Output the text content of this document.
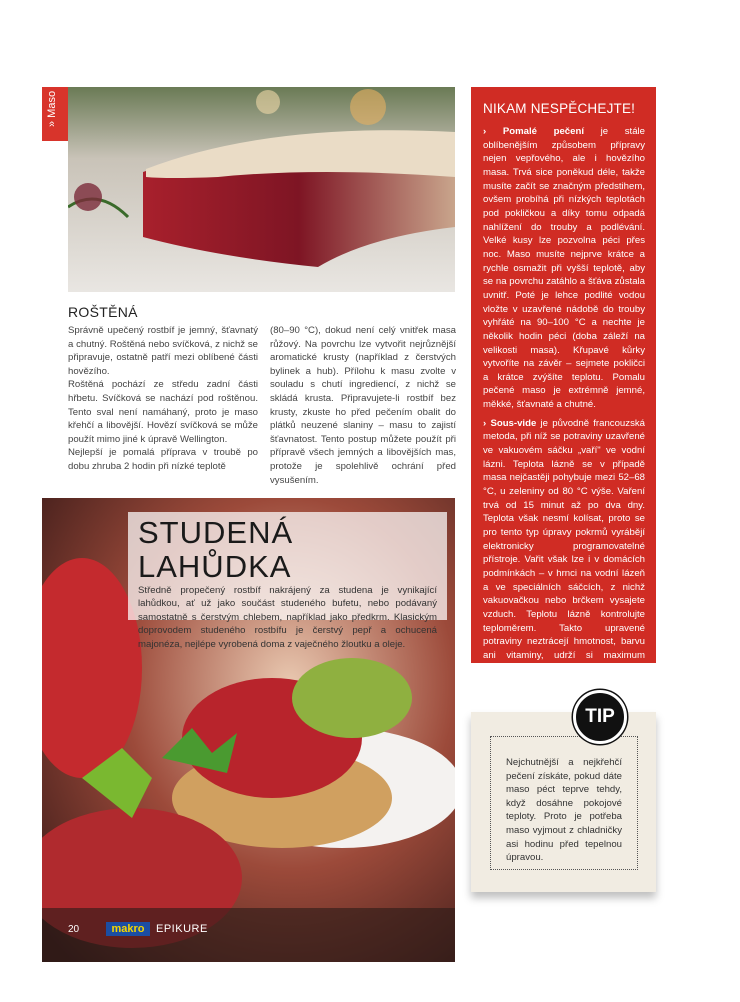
» Maso
ROŠTĚNÁ

Správně upečený rostbíf je jemný, šťavnatý a chutný. Roštěná nebo svíčková, z nichž se připravuje, ostatně patří mezi oblíbené části hovězího.

Roštěná pochází ze středu zadní části hřbetu. Svíčková se nachází pod roštěnou. Tento sval není namáhaný, proto je maso křehčí a libovější. Hovězí svíčková se může použít mimo jiné k úpravě Wellington.

Nejlepší je pomalá příprava v troubě po dobu zhruba 2 hodin při nízké teplotě

(80–90 °C), dokud není celý vnitřek masa růžový. Na povrchu lze vytvořit nejrůznější aromatické krusty (například z čerstvých bylinek a hub). Přílohu k masu zvolte v souladu s chutí ingrediencí, z nichž se skládá krusta. Připravujete-li rostbíf bez krusty, zkuste ho před pečením obalit do plátků neuzené slaniny – masu to zajistí šťavnatost. Tento postup můžete použít při přípravě všech jemných a libovějších mas, protože je spolehlivě ochrání před vysušením.

NIKAM NESPĚCHEJTE!

› Pomalé pečení je stále oblíbenějším způsobem přípravy nejen vepřového, ale i hovězího masa. Trvá sice poněkud déle, takže musíte začít se značným předstihem, ovšem probíhá při nízkých teplotách pod pokličkou a díky tomu odpadá nahlížení do trouby a podlévání. Velké kusy lze pozvolna péci přes noc. Maso musíte nejprve krátce a rychle osmažit při vyšší teplotě, aby se na povrchu zatáhlo a šťáva zůstala uvnitř. Poté je lehce podlité vodou vložte v uzavřené nádobě do trouby vyhřáté na 90–100 °C a nechte je několik hodin péci (doba záleží na velikosti masa). Křupavé kůrky vytvoříte na závěr – sejmete pokličci a krátce zvýšíte teplotu. Pomalu pečené maso je extrémně jemné, měkké, šťavnaté a chutné.

› Sous-vide je původně francouzská metoda, při níž se potraviny uzavřené ve vakuovém sáčku „vaří" ve vodní lázni. Teplota lázně se v případě masa nejčastěji pohybuje mezi 52–68 °C, u zeleniny od 80 °C výše. Vaření trvá od 15 minut až po dva dny. Teplota však nesmí kolísat, proto se pro tento typ úpravy pokrmů vyrábějí elektronicky programovatelné přístroje. Vařit však lze i v domácích podmínkách – v hrnci na vodní lázeň a ve speciálních sáčcích, z nichž vakuovačkou nebo brčkem vysajete vzduch. Teplotu lázně kontrolujte teploměrem. Takto upravené potraviny neztrácejí hmotnost, barvu ani vitaminy, udrží si maximum nutričních hodnot a maso je křehké, měkké a šťavnaté.

STUDENÁ LAHŮDKA

Středně propečený rostbíf nakrájený za studena je vynikající lahůdkou, ať už jako součást studeného bufetu, nebo podávaný samostatně s čerstvým chlebem, například jako předkrm. Klasickým doprovodem studeného rostbífu je čerstvý pepř a ochucená majonéza, nejlépe vyrobená doma z vaječného žloutku a oleje.

20	makro	EPIKURE
Nejchutnější a nejkřehčí pečení získáte, pokud dáte maso péct teprve tehdy, když dosáhne pokojové teploty. Proto je potřeba maso vyjmout z chladničky asi hodinu před tepelnou úpravou.
TIP
